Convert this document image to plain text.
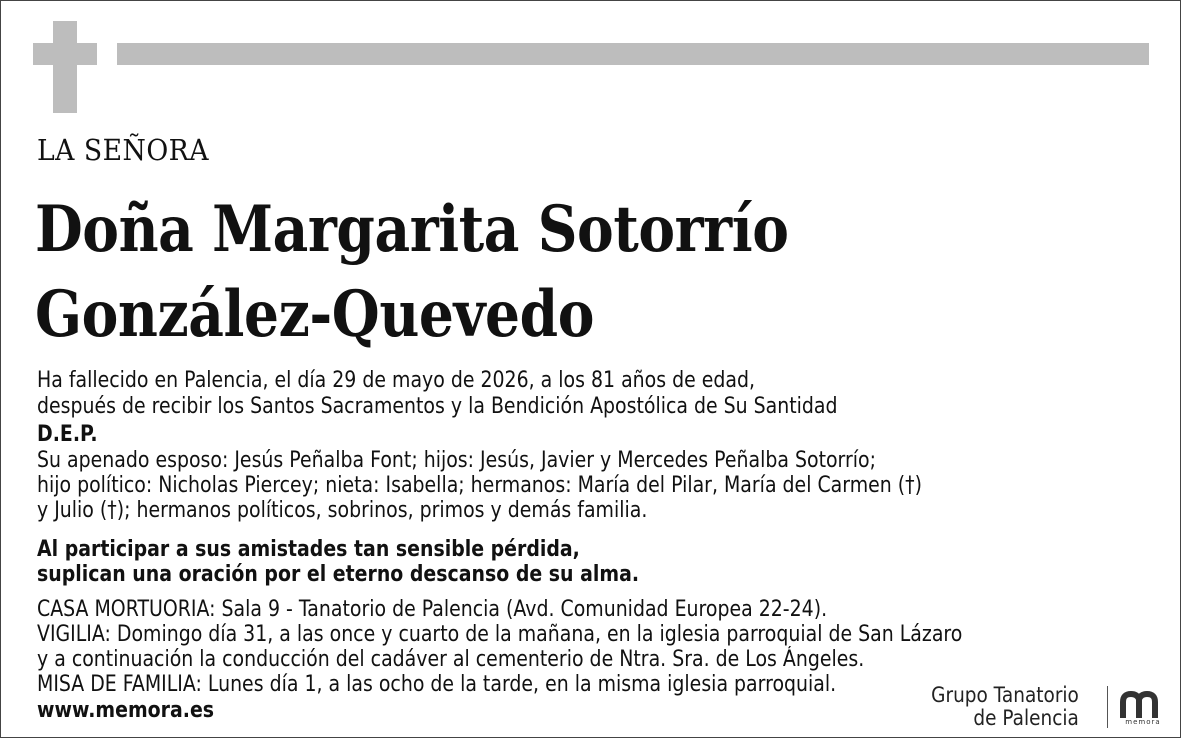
LA SEÑORA
Doña Margarita Sotorrío
González-Quevedo
Ha fallecido en Palencia, el día 29 de mayo de 2026, a los 81 años de edad,
después de recibir los Santos Sacramentos y la Bendición Apostólica de Su Santidad
D.E.P.
Su apenado esposo: Jesús Peñalba Font; hijos: Jesús, Javier y Mercedes Peñalba Sotorrío;
hijo político: Nicholas Piercey; nieta: Isabella; hermanos: María del Pilar, María del Carmen (†)
y Julio (†); hermanos políticos, sobrinos, primos y demás familia.
Al participar a sus amistades tan sensible pérdida,
suplican una oración por el eterno descanso de su alma.
CASA MORTUORIA: Sala 9 - Tanatorio de Palencia (Avd. Comunidad Europea 22-24).
VIGILIA: Domingo día 31, a las once y cuarto de la mañana, en la iglesia parroquial de San Lázaro
y a continuación la conducción del cadáver al cementerio de Ntra. Sra. de Los Ángeles.
MISA DE FAMILIA: Lunes día 1, a las ocho de la tarde, en la misma iglesia parroquial.
www.memora.es
Grupo Tanatorio
de Palencia	memora
